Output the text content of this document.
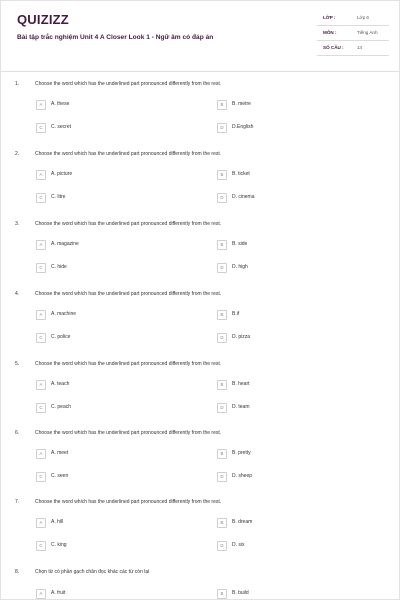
QUIZIZZ
Bài tập trắc nghiệm Unit 4 A Closer Look 1 - Ngữ âm có đáp án
LỚP :	Lớp 6
MÔN :	Tiếng Anh
SỐ CÂU :	14
1.	Choose the word which has the underlined part pronounced differently from the rest.
A	A. these	B	B. metre
C	C. secret	D	D.English
2.	Choose the word which has the underlined part pronounced differently from the rest.
A	A. picture	B	B. ticket
C	C. litre	D	D. cinema
3.	Choose the word which has the underlined part pronounced differently from the rest.
A	A. magazine	B	B. side
C	C. hide	D	D. high
4.	Choose the word which has the underlined part pronounced differently from the rest.
A	A. machine	B	B.if
C	C. police	D	D. pizza
5.	Choose the word which has the underlined part pronounced differently from the rest.
A	A. teach	B	B. heart
C	C. peach	D	D. team
6.	Choose the word which has the underlined part pronounced differently from the rest.
A	A. meet	B	B. pretty
C	C. seen	D	D. sheep
7.	Choose the word which has the underlined part pronounced differently from the rest.
A	A. hill	B	B. dream
C	C. king	D	D. six
8.	Chọn từ có phần gạch chân đọc khác các từ còn lại
A	A. fruit	B	B. build
